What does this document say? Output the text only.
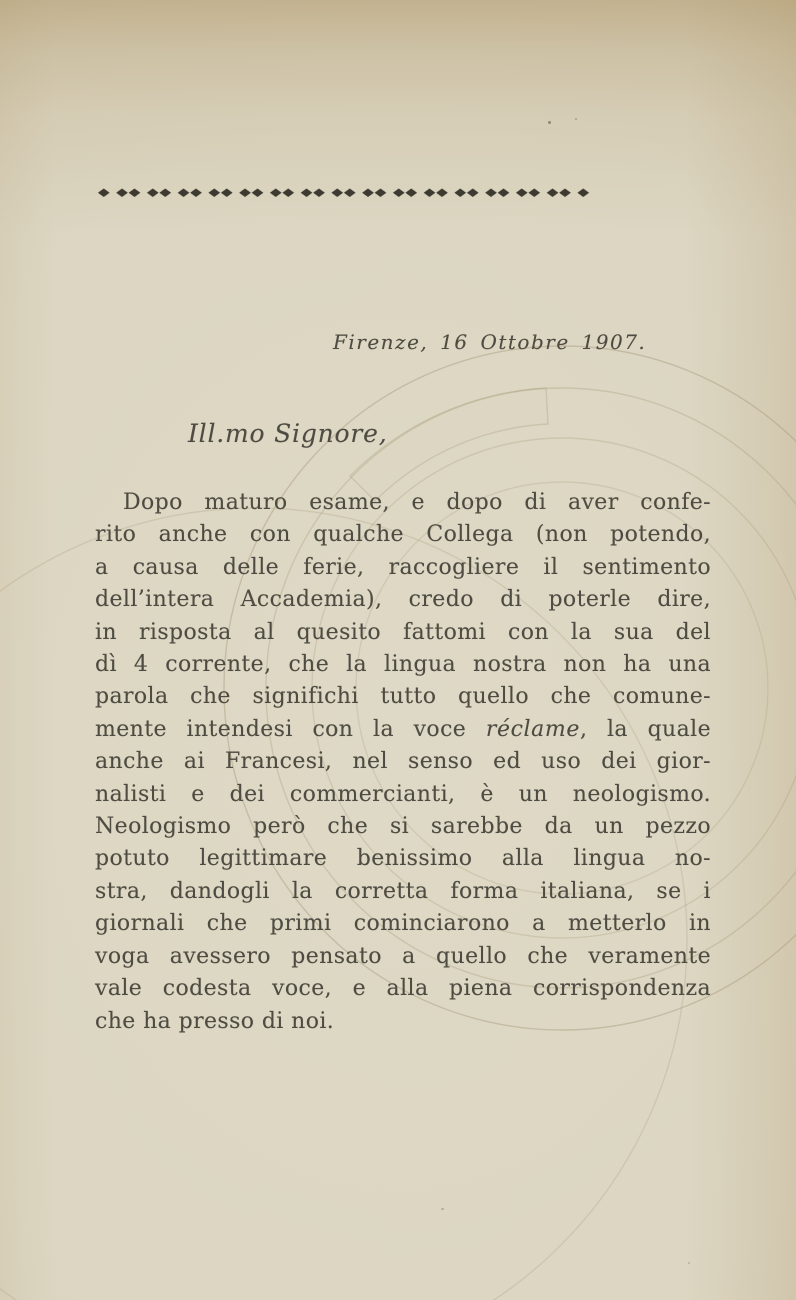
◆ ◆◆ ◆◆ ◆◆ ◆◆ ◆◆ ◆◆ ◆◆ ◆◆ ◆◆ ◆◆ ◆◆ ◆◆ ◆◆ ◆◆ ◆◆ ◆
Firenze, 16 Ottobre 1907.
Ill.mo Signore,
Dopo maturo esame, e dopo di aver confe-
rito anche con qualche Collega (non potendo,
a causa delle ferie, raccogliere il sentimento
dell’intera Accademia), credo di poterle dire,
in risposta al quesito fattomi con la sua del
dì 4 corrente, che la lingua nostra non ha una
parola che significhi tutto quello che comune-
mente intendesi con la voce réclame, la quale
anche ai Francesi, nel senso ed uso dei gior-
nalisti e dei commercianti, è un neologismo.
Neologismo però che si sarebbe da un pezzo
potuto legittimare benissimo alla lingua no-
stra, dandogli la corretta forma italiana, se i
giornali che primi cominciarono a metterlo in
voga avessero pensato a quello che veramente
vale codesta voce, e alla piena corrispondenza
che ha presso di noi.
